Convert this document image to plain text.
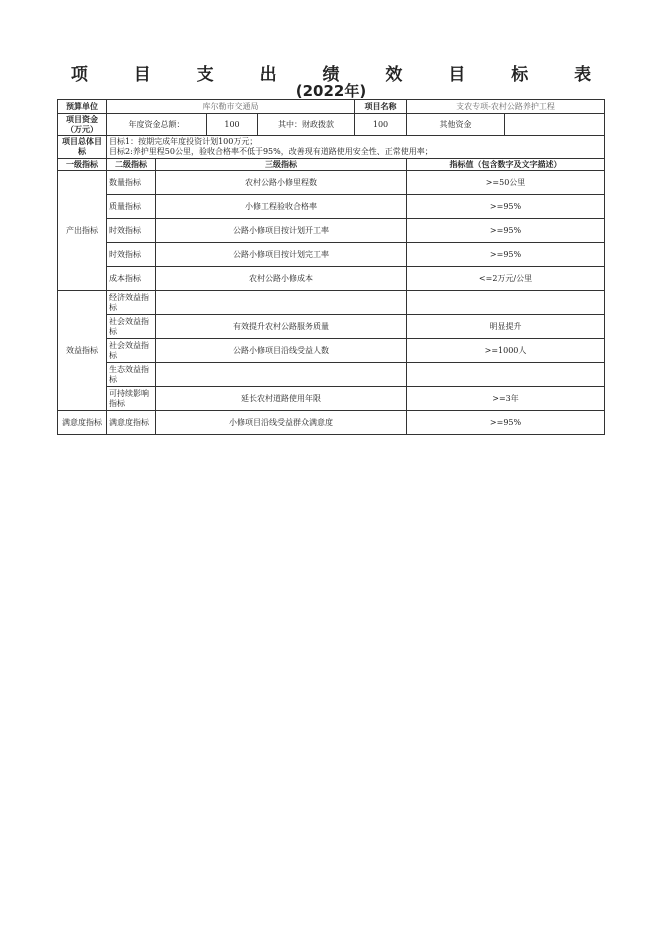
项 目 支 出 绩 效 目 标 表
(2022年)
预算单位	库尔勒市交通局				项目名称	支农专项-农村公路养护工程	
项目资金（万元）	年度资金总额：		100	其中：财政拨款	100	其他资金	
项目总体目标	目标1：按期完成年度投资计划100万元；
目标2:养护里程50公里，验收合格率不低于95%，改善现有道路使用安全性、正常使用率；						

一级指标	二级指标	三级指标				指标值（包含数字及文字描述）	
产出指标	数量指标	农村公路小修里程数				>=50公里	
	质量指标	小修工程验收合格率				>=95%	
	时效指标	公路小修项目按计划开工率				>=95%	
	时效指标	公路小修项目按计划完工率				>=95%	
	成本指标	农村公路小修成本				<=2万元/公里	
效益指标	经济效益指标						
	社会效益指标	有效提升农村公路服务质量				明显提升	
	社会效益指标	公路小修项目沿线受益人数				>=1000人	
	生态效益指标						
	可持续影响指标	延长农村道路使用年限				>=3年	
满意度指标	满意度指标	小修项目沿线受益群众满意度				>=95%	
